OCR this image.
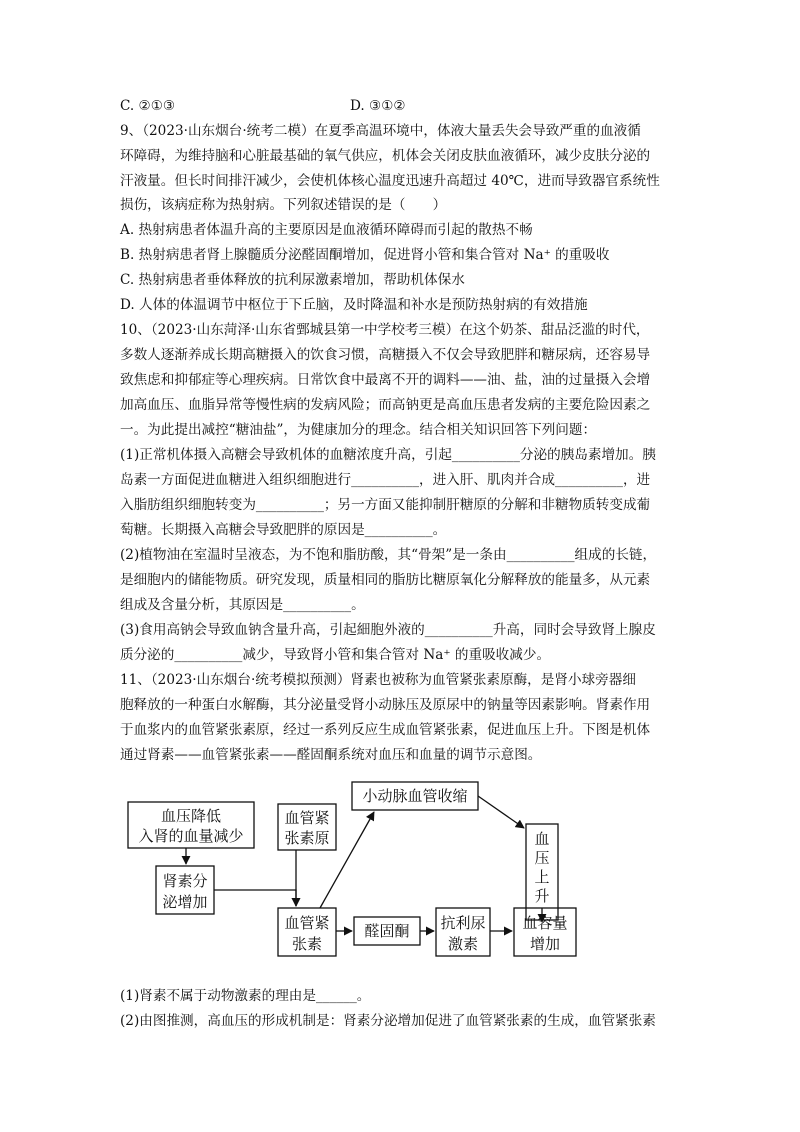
C. ②①③	D. ③①②
9、（2023·山东烟台·统考二模）在夏季高温环境中，体液大量丢失会导致严重的血液循
环障碍，为维持脑和心脏最基础的氧气供应，机体会关闭皮肤血液循环，减少皮肤分泌的
汗液量。但长时间排汗减少，会使机体核心温度迅速升高超过 40℃，进而导致器官系统性
损伤，该病症称为热射病。下列叙述错误的是（　　）
A. 热射病患者体温升高的主要原因是血液循环障碍而引起的散热不畅
B. 热射病患者肾上腺髓质分泌醛固酮增加，促进肾小管和集合管对 Na⁺ 的重吸收
C. 热射病患者垂体释放的抗利尿激素增加，帮助机体保水
D. 人体的体温调节中枢位于下丘脑，及时降温和补水是预防热射病的有效措施
10、（2023·山东菏泽·山东省鄄城县第一中学校考三模）在这个奶茶、甜品泛滥的时代，
多数人逐渐养成长期高糖摄入的饮食习惯，高糖摄入不仅会导致肥胖和糖尿病，还容易导
致焦虑和抑郁症等心理疾病。日常饮食中最离不开的调料——油、盐，油的过量摄入会增
加高血压、血脂异常等慢性病的发病风险；而高钠更是高血压患者发病的主要危险因素之
一。为此提出减控“糖油盐”，为健康加分的理念。结合相关知识回答下列问题：
(1)正常机体摄入高糖会导致机体的血糖浓度升高，引起__________分泌的胰岛素增加。胰
岛素一方面促进血糖进入组织细胞进行__________，进入肝、肌肉并合成__________，进
入脂肪组织细胞转变为__________；另一方面又能抑制肝糖原的分解和非糖物质转变成葡
萄糖。长期摄入高糖会导致肥胖的原因是__________。
(2)植物油在室温时呈液态，为不饱和脂肪酸，其“骨架”是一条由__________组成的长链，
是细胞内的储能物质。研究发现，质量相同的脂肪比糖原氧化分解释放的能量多，从元素
组成及含量分析，其原因是__________。
(3)食用高钠会导致血钠含量升高，引起細胞外液的__________升高，同时会导致肾上腺皮
质分泌的__________减少，导致肾小管和集合管对 Na⁺ 的重吸收减少。
11、（2023·山东烟台·统考模拟预测）肾素也被称为血管紧张素原酶，是肾小球旁器细
胞释放的一种蛋白水解酶，其分泌量受肾小动脉压及原尿中的钠量等因素影响。肾素作用
于血浆内的血管紧张素原，经过一系列反应生成血管紧张素，促进血压上升。下图是机体
通过肾素——血管紧张素——醛固酮系统对血压和血量的调节示意图。
血压降低
入肾的血量减少
血管紧
张素原
小动脉血管收缩
血
压
上
升
肾素分
泌增加
血管紧
张素
醛固酮 抗利尿
激素
血容量
增加
(1)肾素不属于动物激素的理由是______。
(2)由图推测，高血压的形成机制是：肾素分泌增加促进了血管紧张素的生成，血管紧张素
